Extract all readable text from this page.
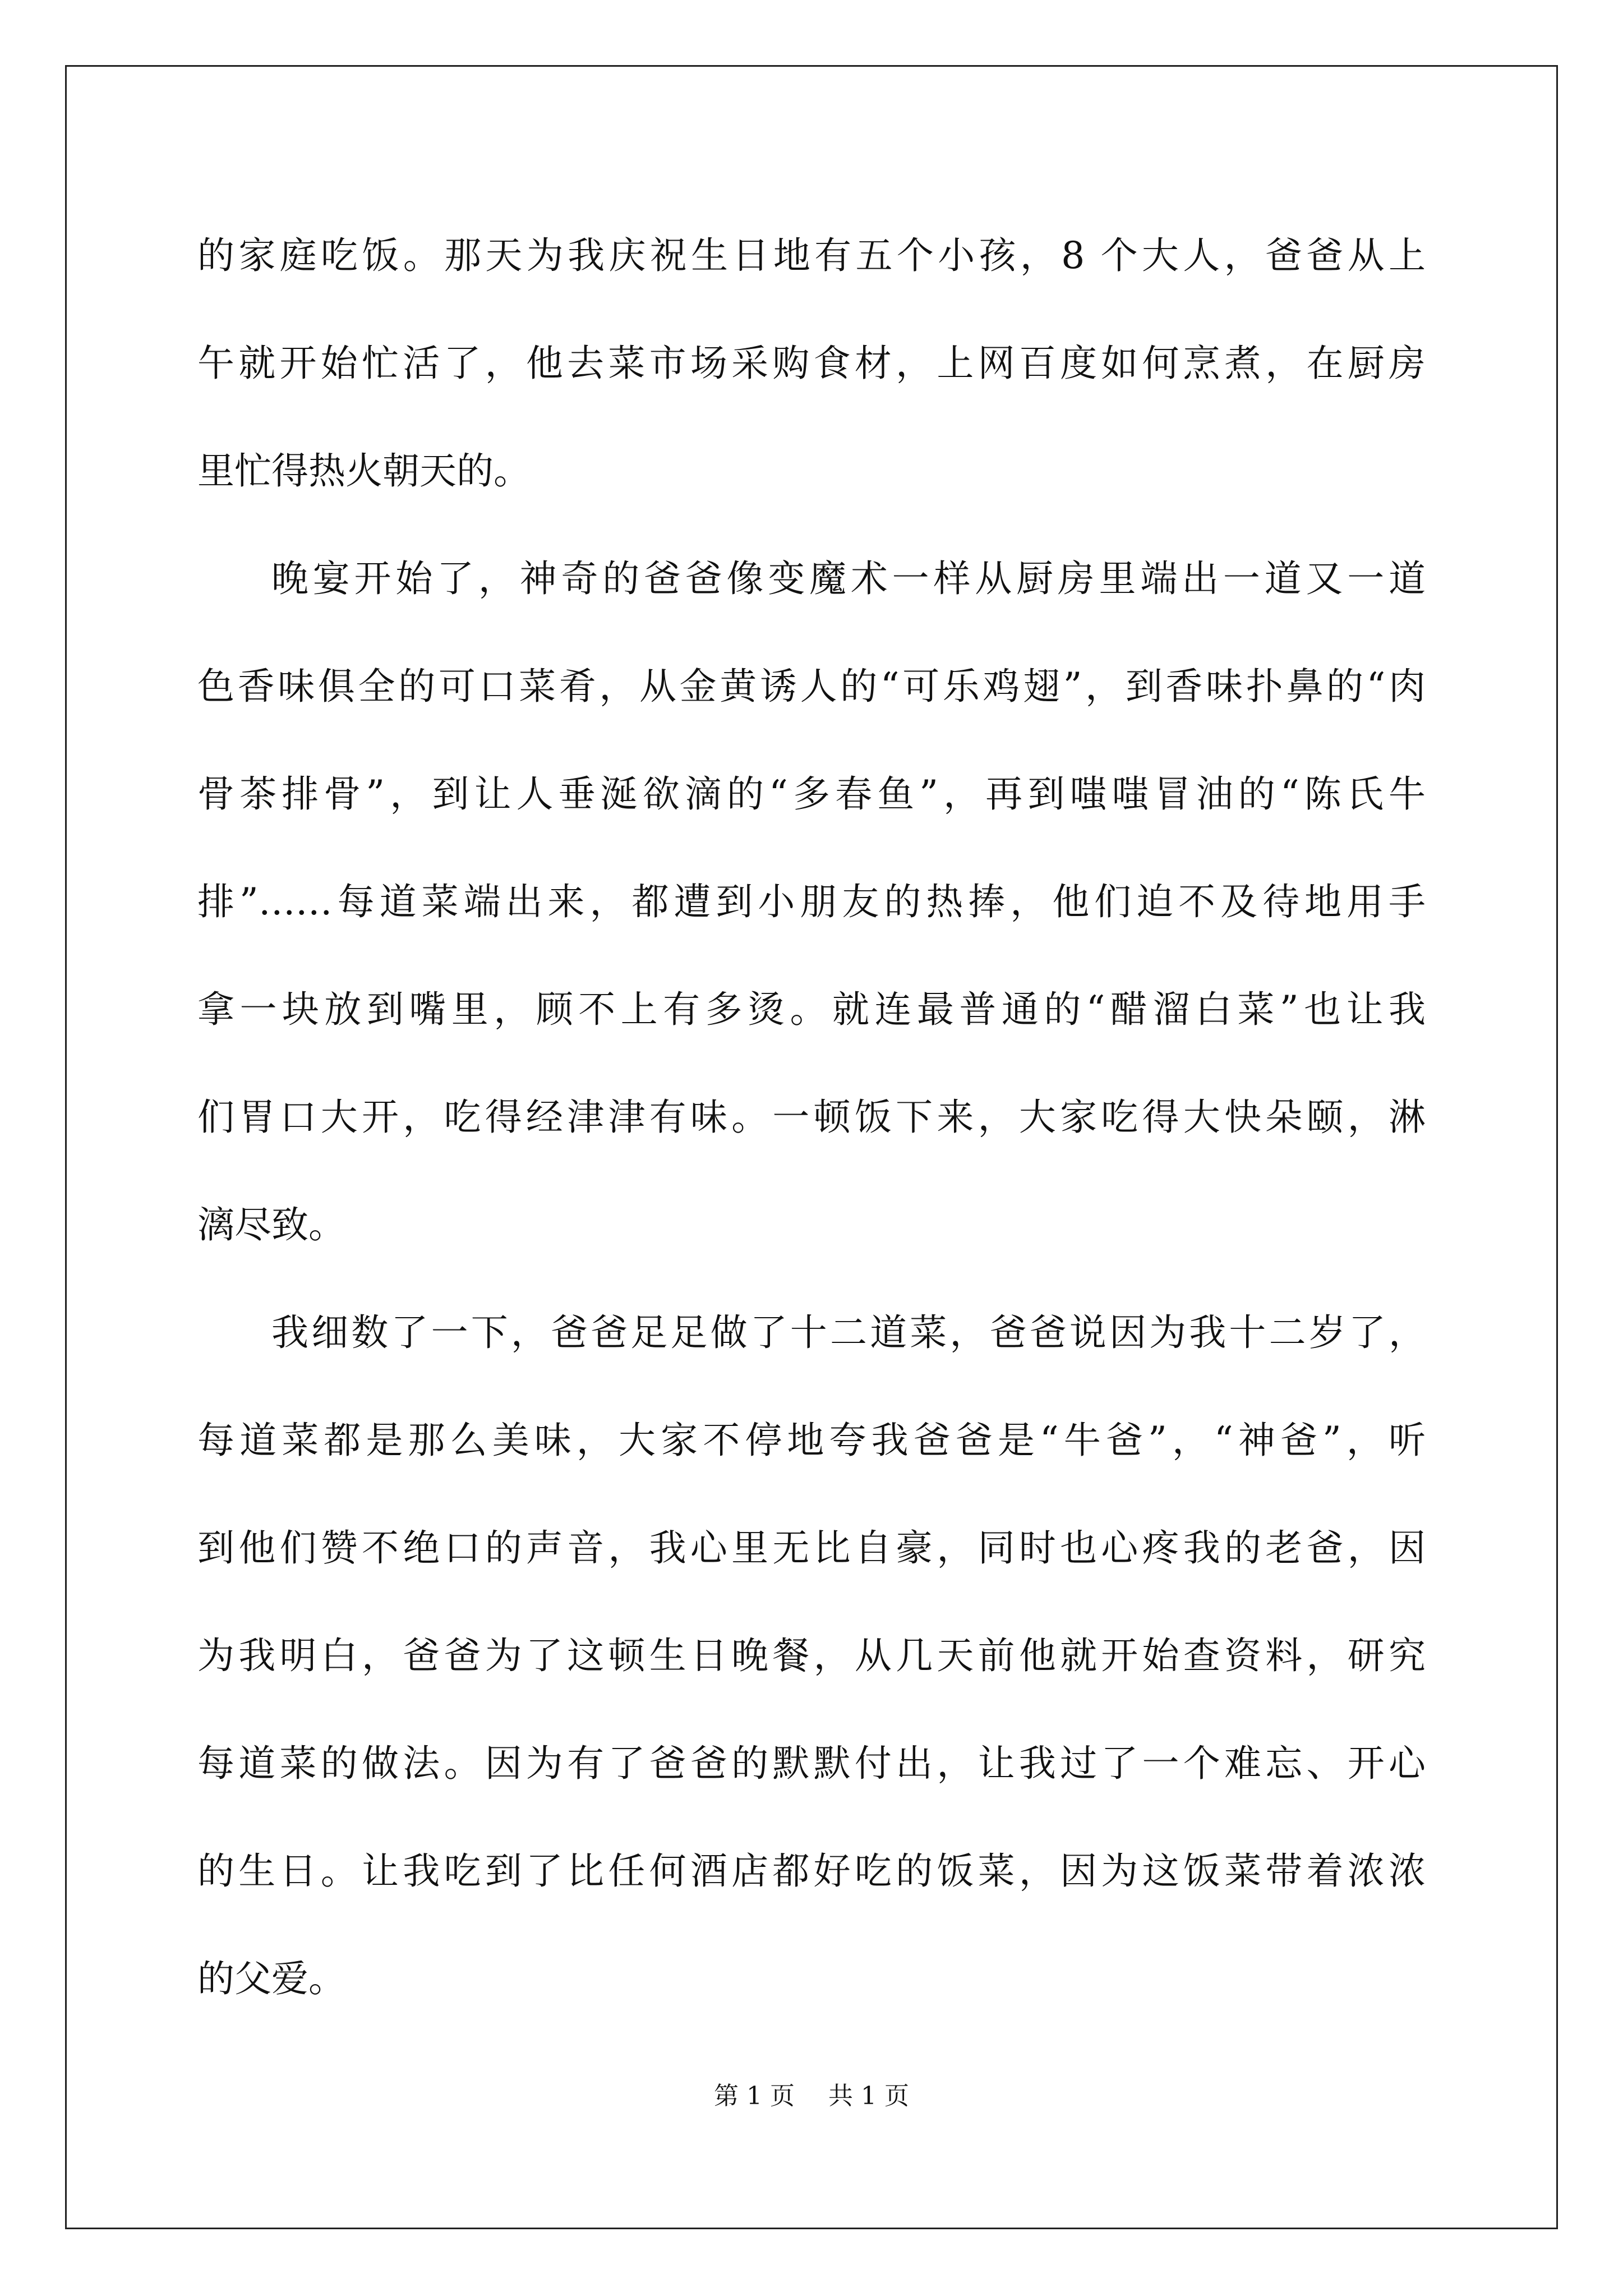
的家庭吃饭。那天为我庆祝生日地有五个小孩，8 个大人，爸爸从上
午就开始忙活了，他去菜市场采购食材，上网百度如何烹煮，在厨房
里忙得热火朝天的。
晚宴开始了，神奇的爸爸像变魔术一样从厨房里端出一道又一道
色香味俱全的可口菜肴，从金黄诱人的“可乐鸡翅”，到香味扑鼻的“肉
骨茶排骨”，到让人垂涎欲滴的“多春鱼”，再到嗤嗤冒油的“陈氏牛
排”……每道菜端出来，都遭到小朋友的热捧，他们迫不及待地用手
拿一块放到嘴里，顾不上有多烫。就连最普通的“醋溜白菜”也让我
们胃口大开，吃得经津津有味。一顿饭下来，大家吃得大快朵颐，淋
漓尽致。
我细数了一下，爸爸足足做了十二道菜，爸爸说因为我十二岁了，
每道菜都是那么美味，大家不停地夸我爸爸是“牛爸”，“神爸”，听
到他们赞不绝口的声音，我心里无比自豪，同时也心疼我的老爸，因
为我明白，爸爸为了这顿生日晚餐，从几天前他就开始查资料，研究
每道菜的做法。因为有了爸爸的默默付出，让我过了一个难忘、开心
的生日。让我吃到了比任何酒店都好吃的饭菜，因为这饭菜带着浓浓
的父爱。
第 1 页 共 1 页
